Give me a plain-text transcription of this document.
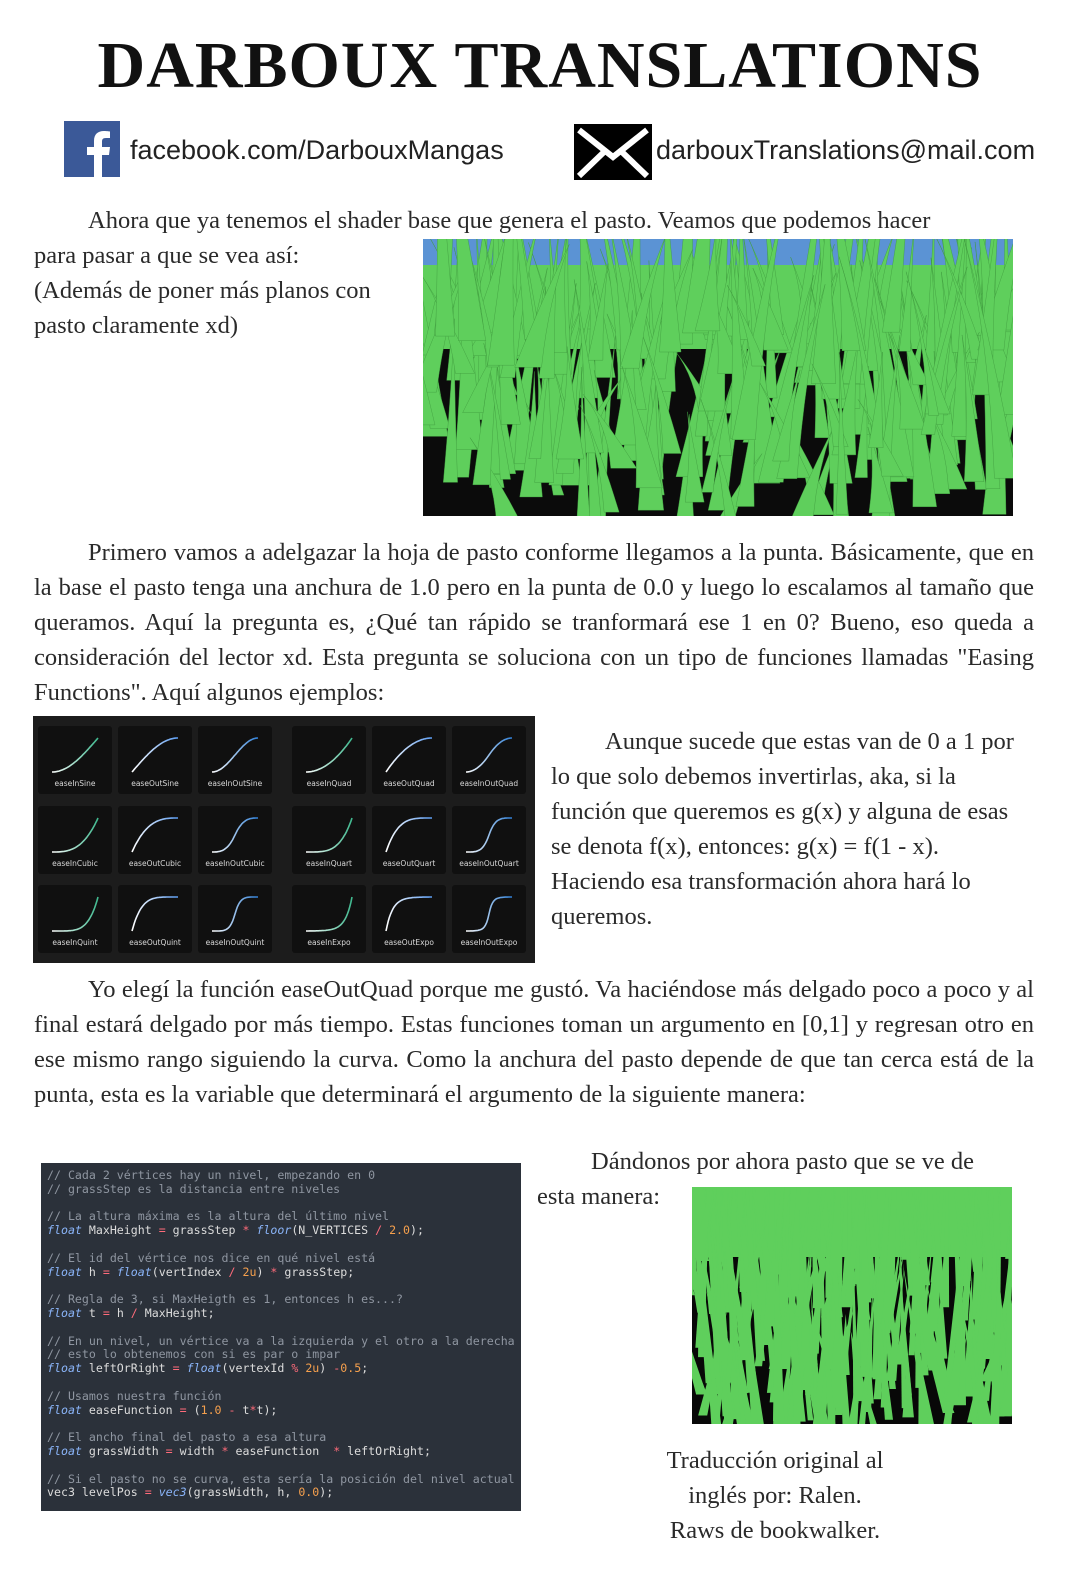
DARBOUX TRANSLATIONS
facebook.com/DarbouxMangas	darbouxTranslations@mail.com
Ahora que ya tenemos el shader base que genera el pasto. Veamos que podemos hacer
para pasar a que se vea así:
(Además de poner más planos con
pasto claramente xd)

Primero vamos a adelgazar la hoja de pasto conforme llegamos a la punta. Básicamente, que en la base el pasto tenga una anchura de 1.0 pero en la punta de 0.0 y luego lo escalamos al tamaño que queramos. Aquí la pregunta es, ¿Qué tan rápido se tranformará ese 1 en 0? Bueno, eso queda a consideración del lector xd. Esta pregunta se soluciona con un tipo de funciones llamadas "Easing Functions". Aquí algunos ejemplos:

easeInSine	easeOutSine	easeInOutSine	easeInQuad	easeOutQuad	easeInOutQuad
easeInCubic	easeOutCubic	easeInOutCubic	easeInQuart	easeOutQuart	easeInOutQuart
easeInQuint	easeOutQuint	easeInOutQuint	easeInExpo	easeOutExpo	easeInOutExpo

Aunque sucede que estas van de 0 a 1 por lo que solo debemos invertirlas, aka, si la función que queremos es g(x) y alguna de esas se denota f(x), entonces: g(x) = f(1 - x). Haciendo esa transformación ahora hará lo queremos.

Yo elegí la función easeOutQuad porque me gustó. Va haciéndose más delgado poco a poco y al final estará delgado por más tiempo. Estas funciones toman un argumento en [0,1] y regresan otro en ese mismo rango siguiendo la curva. Como la anchura del pasto depende de que tan cerca está de la punta, esta es la variable que determinará el argumento de la siguiente manera:

// Cada 2 vértices hay un nivel, empezando en 0
// grassStep es la distancia entre niveles

// La altura máxima es la altura del último nivel
float MaxHeight = grassStep * floor(N_VERTICES / 2.0);

// El id del vértice nos dice en qué nivel está
float h = float(vertIndex / 2u) * grassStep;

// Regla de 3, si MaxHeigth es 1, entonces h es...?
float t = h / MaxHeight;

// En un nivel, un vértice va a la izquierda y el otro a la derecha
// esto lo obtenemos con si es par o impar
float leftOrRight = float(vertexId % 2u) -0.5;

// Usamos nuestra función
float easeFunction = (1.0 - t*t);

// El ancho final del pasto a esa altura
float grassWidth = width * easeFunction  * leftOrRight;

// Si el pasto no se curva, esta sería la posición del nivel actual
vec3 levelPos = vec3(grassWidth, h, 0.0);
Dándonos por ahora pasto que se ve de
esta manera:
Traducción original al
inglés por: Ralen.
Raws de bookwalker.
